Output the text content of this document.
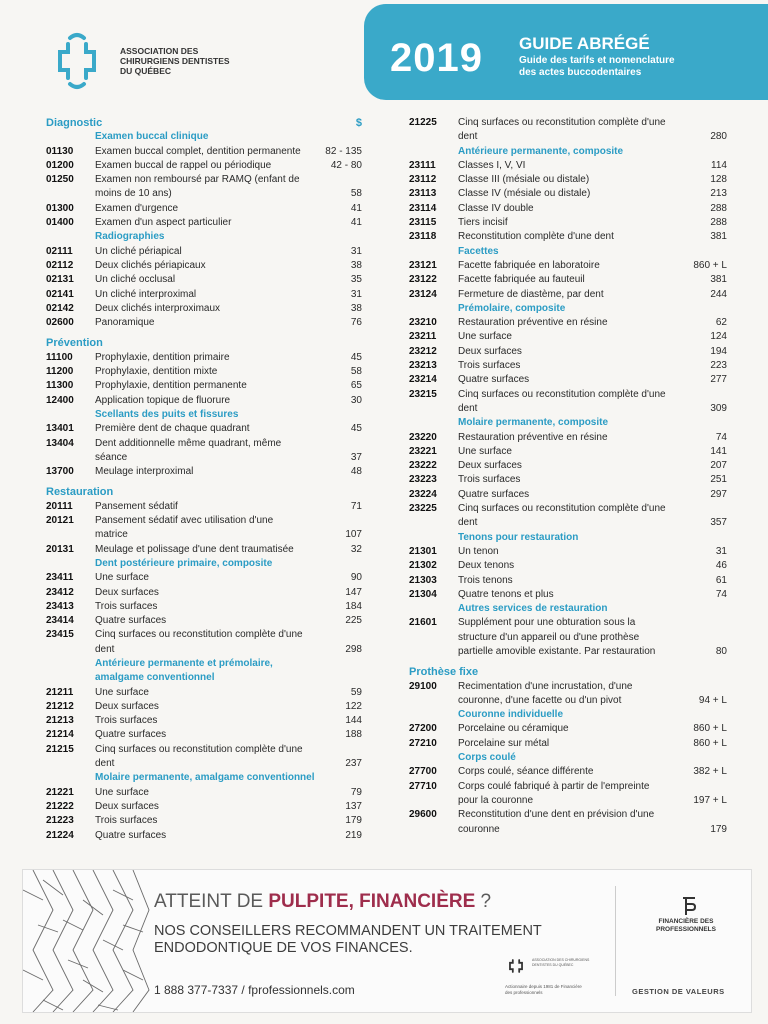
ASSOCIATION DES
CHIRURGIENS DENTISTES
DU QUÉBEC	2019 GUIDE ABRÉGÉ
Guide des tarifs et nomenclature
des actes buccodentaires
Diagnostic	$
Examen buccal clinique
01130	Examen buccal complet, dentition permanente	82 - 135
01200	Examen buccal de rappel ou périodique	42 - 80
01250	Examen non remboursé par RAMQ (enfant de moins de 10 ans)	58
01300	Examen d'urgence	41
01400	Examen d'un aspect particulier	41
Radiographies
02111	Un cliché périapical	31
02112	Deux clichés périapicaux	38
02131	Un cliché occlusal	35
02141	Un cliché interproximal	31
02142	Deux clichés interproximaux	38
02600	Panoramique	76
Prévention
11100	Prophylaxie, dentition primaire	45
11200	Prophylaxie, dentition mixte	58
11300	Prophylaxie, dentition permanente	65
12400	Application topique de fluorure	30
Scellants des puits et fissures
13401	Première dent de chaque quadrant	45
13404	Dent additionnelle même quadrant, même séance	37
13700	Meulage interproximal	48
Restauration
20111	Pansement sédatif	71
20121	Pansement sédatif avec utilisation d'une matrice	107
20131	Meulage et polissage d'une dent traumatisée	32
Dent postérieure primaire, composite
23411	Une surface	90
23412	Deux surfaces	147
23413	Trois surfaces	184
23414	Quatre surfaces	225
23415	Cinq surfaces ou reconstitution complète d'une dent	298
Antérieure permanente et prémolaire,
amalgame conventionnel
21211	Une surface	59
21212	Deux surfaces	122
21213	Trois surfaces	144
21214	Quatre surfaces	188
21215	Cinq surfaces ou reconstitution complète d'une dent	237
Molaire permanente, amalgame conventionnel
21221	Une surface	79
21222	Deux surfaces	137
21223	Trois surfaces	179
21224	Quatre surfaces	219
21225	Cinq surfaces ou reconstitution complète d'une dent	280
Antérieure permanente, composite
23111	Classes I, V, VI	114
23112	Classe III (mésiale ou distale)	128
23113	Classe IV (mésiale ou distale)	213
23114	Classe IV double	288
23115	Tiers incisif	288
23118	Reconstitution complète d'une dent	381
Facettes
23121	Facette fabriquée en laboratoire	860 + L
23122	Facette fabriquée au fauteuil	381
23124	Fermeture de diastème, par dent	244
Prémolaire, composite
23210	Restauration préventive en résine	62
23211	Une surface	124
23212	Deux surfaces	194
23213	Trois surfaces	223
23214	Quatre surfaces	277
23215	Cinq surfaces ou reconstitution complète d'une dent	309
Molaire permanente, composite
23220	Restauration préventive en résine	74
23221	Une surface	141
23222	Deux surfaces	207
23223	Trois surfaces	251
23224	Quatre surfaces	297
23225	Cinq surfaces ou reconstitution complète d'une dent	357
Tenons pour restauration
21301	Un tenon	31
21302	Deux tenons	46
21303	Trois tenons	61
21304	Quatre tenons et plus	74
Autres services de restauration
21601	Supplément pour une obturation sous la structure d'un appareil ou d'une prothèse partielle amovible existante. Par restauration	80
Prothèse fixe
29100	Recimentation d'une incrustation, d'une couronne, d'une facette ou d'un pivot	94 + L
Couronne individuelle
27200	Porcelaine ou céramique	860 + L
27210	Porcelaine sur métal	860 + L
Corps coulé
27700	Corps coulé, séance différente	382 + L
27710	Corps coulé fabriqué à partir de l'empreinte pour la couronne	197 + L
29600	Reconstitution d'une dent en prévision d'une couronne	179
ATTEINT DE PULPITE, FINANCIÈRE ?
NOS CONSEILLERS RECOMMANDENT UN TRAITEMENT
ENDODONTIQUE DE VOS FINANCES.
1 888 377-7337 / fprofessionnels.com
ASSOCIATION DES CHIRURGIENS DENTISTES DU QUÉBEC
Actionnaire depuis 1981 de Financière des professionnels
FINANCIÈRE DES
PROFESSIONNELS
GESTION DE VALEURS
